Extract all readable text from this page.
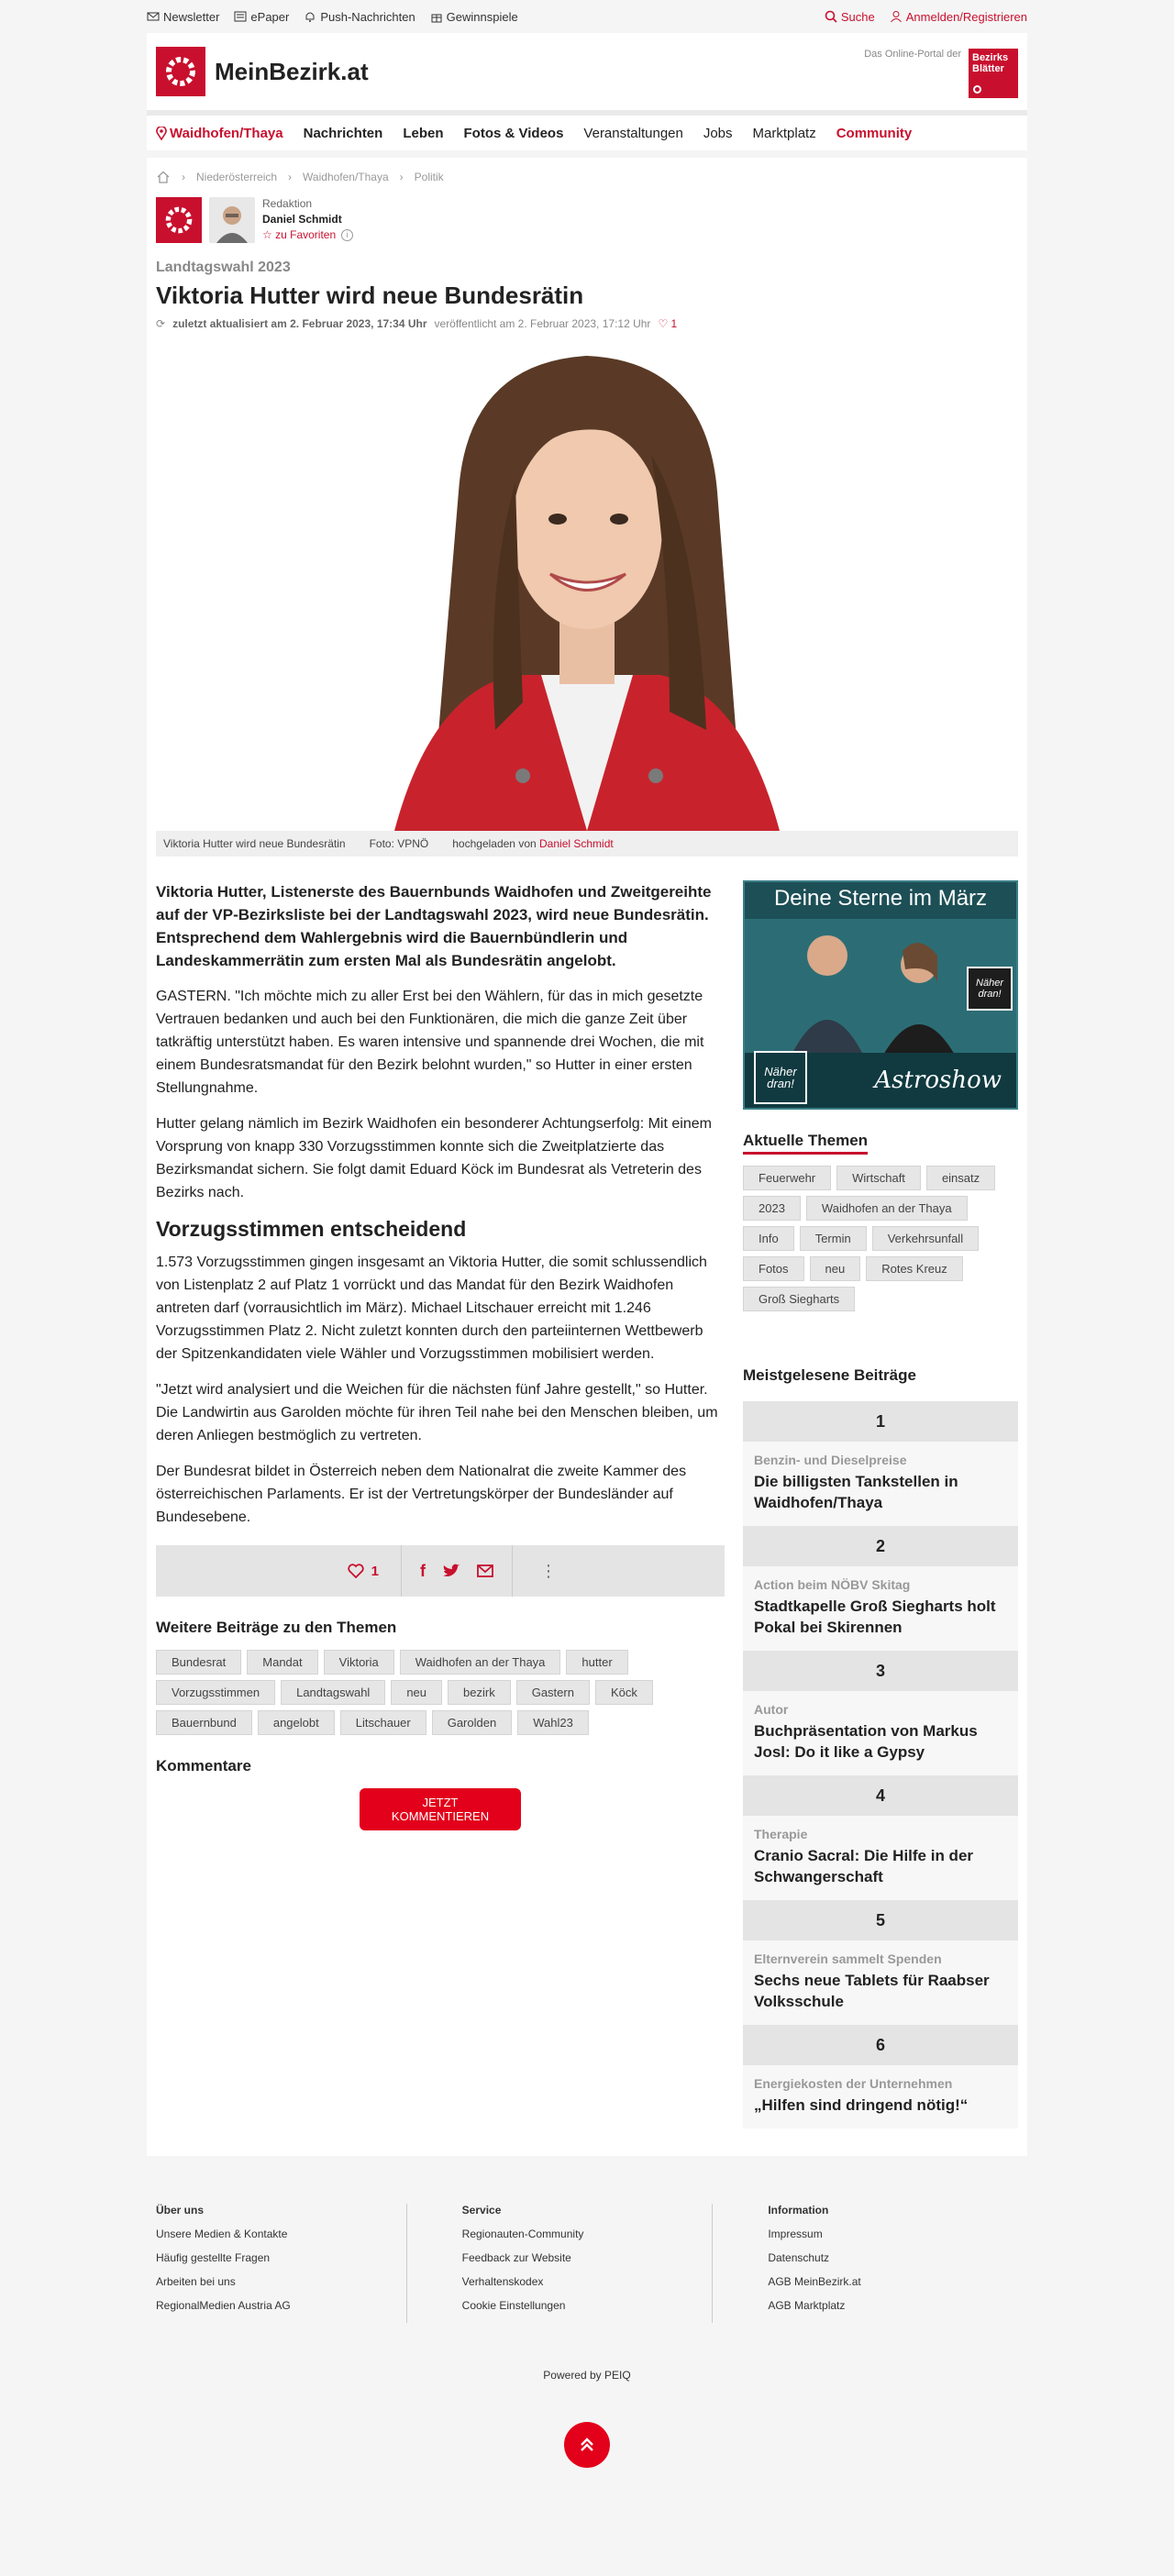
Newsletter	ePaper	Push-Nachrichten	Gewinnspiele	Suche	Anmelden/Registrieren
MeinBezirk.at
Das Online-Portal der Bezirks
Blätter
Waidhofen/Thaya Nachrichten Leben Fotos & Videos Veranstaltungen Jobs Marktplatz Community
› Niederösterreich › Waidhofen/Thaya › Politik
Redaktion
Daniel Schmidt
☆ zu Favoriten	i
Landtagswahl 2023
Viktoria Hutter wird neue Bundesrätin
⟳ zuletzt aktualisiert am 2. Februar 2023, 17:34 Uhr veröffentlicht am 2. Februar 2023, 17:12 Uhr ♡ 1
Viktoria Hutter wird neue Bundesrätin Foto: VPNÖ hochgeladen von Daniel Schmidt

Viktoria Hutter, Listenerste des Bauernbunds Waidhofen und Zweitgereihte auf der VP-Bezirksliste bei der Landtagswahl 2023, wird neue Bundesrätin. Entsprechend dem Wahlergebnis wird die Bauernbündlerin und Landeskammerrätin zum ersten Mal als Bundesrätin angelobt.

GASTERN. "Ich möchte mich zu aller Erst bei den Wählern, für das in mich gesetzte Vertrauen bedanken und auch bei den Funktionären, die mich die ganze Zeit über tatkräftig unterstützt haben. Es waren intensive und spannende drei Wochen, die mit einem Bundesratsmandat für den Bezirk belohnt wurden," so Hutter in einer ersten Stellungnahme.

Hutter gelang nämlich im Bezirk Waidhofen ein besonderer Achtungserfolg: Mit einem Vorsprung von knapp 330 Vorzugsstimmen konnte sich die Zweitplatzierte das Bezirksmandat sichern. Sie folgt damit Eduard Köck im Bundesrat als Vetreterin des Bezirks nach.

Vorzugsstimmen entscheidend

1.573 Vorzugsstimmen gingen insgesamt an Viktoria Hutter, die somit schlussendlich von Listenplatz 2 auf Platz 1 vorrückt und das Mandat für den Bezirk Waidhofen antreten darf (vorrausichtlich im März). Michael Litschauer erreicht mit 1.246 Vorzugsstimmen Platz 2. Nicht zuletzt konnten durch den parteiinternen Wettbewerb der Spitzenkandidaten viele Wähler und Vorzugsstimmen mobilisiert werden.

"Jetzt wird analysiert und die Weichen für die nächsten fünf Jahre gestellt," so Hutter. Die Landwirtin aus Garolden möchte für ihren Teil nahe bei den Menschen bleiben, um deren Anliegen bestmöglich zu vertreten.

Der Bundesrat bildet in Österreich neben dem Nationalrat die zweite Kammer des österreichischen Parlaments. Er ist der Vertretungskörper der Bundesländer auf Bundesebene.

1	f	⋮
Weitere Beiträge zu den Themen
Bundesrat	Mandat	Viktoria	Waidhofen an der Thaya	hutter
Vorzugsstimmen	Landtagswahl	neu	bezirk	Gastern	Köck
Bauernbund	angelobt	Litschauer	Garolden	Wahl23
Kommentare
JETZT KOMMENTIEREN
Deine Sterne im März
Astroshow
Näher dran!
Näher dran!
Aktuelle Themen
Feuerwehr	Wirtschaft	einsatz
2023	Waidhofen an der Thaya
Info	Termin	Verkehrsunfall
Fotos	neu	Rotes Kreuz
Groß Siegharts
Meistgelesene Beiträge
1
Benzin- und Dieselpreise
Die billigsten Tankstellen in Waidhofen/Thaya
2
Action beim NÖBV Skitag
Stadtkapelle Groß Siegharts holt Pokal bei Skirennen
3
Autor
Buchpräsentation von Markus Josl: Do it like a Gypsy
4
Therapie
Cranio Sacral: Die Hilfe in der Schwangerschaft
5
Elternverein sammelt Spenden
Sechs neue Tablets für Raabser Volksschule
6
Energiekosten der Unternehmen
„Hilfen sind dringend nötig!“
Über uns
Unsere Medien & Kontakte
Häufig gestellte Fragen
Arbeiten bei uns
RegionalMedien Austria AG
Service
Regionauten-Community
Feedback zur Website
Verhaltenskodex
Cookie Einstellungen
Information
Impressum
Datenschutz
AGB MeinBezirk.at
AGB Marktplatz
Powered by PEIQ
